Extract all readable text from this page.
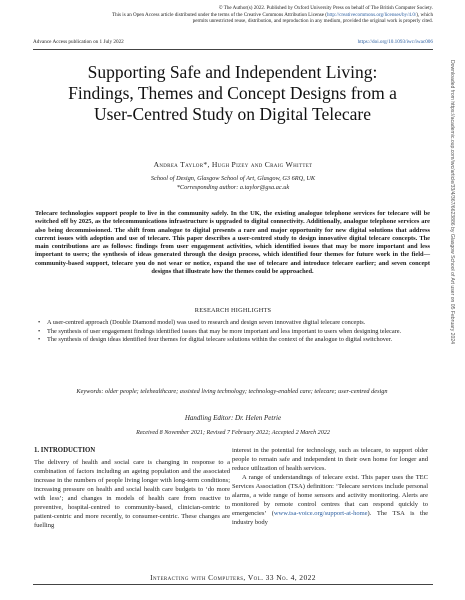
© The Author(s) 2022. Published by Oxford University Press on behalf of The British Computer Society.
This is an Open Access article distributed under the terms of the Creative Commons Attribution License (http://creativecommons.org/licenses/by/4.0/), which
permits unrestricted reuse, distribution, and reproduction in any medium, provided the original work is properly cited.
Advance Access publication on 1 July 2022	https://doi.org/10.1093/iwc/iwac006
Supporting Safe and Independent Living: Findings, Themes and Concept Designs from a User-Centred Study on Digital Telecare
Andrea Taylor*, Hugh Pizey and Craig Whittet
School of Design, Glasgow School of Art, Glasgow, G3 6RQ, UK
*Corresponding author: a.taylor@gsa.ac.uk
Telecare technologies support people to live in the community safely. In the UK, the existing analogue telephone services for telecare will be switched off by 2025, as the telecommunications infrastructure is upgraded to digital connectivity. Additionally, analogue telephone services are also being decommissioned. The shift from analogue to digital presents a rare and major opportunity for new digital solutions that address current issues with adoption and use of telecare. This paper describes a user-centred study to design innovative digital telecare concepts. The main contributions are as follows: findings from user engagement activities, which identified issues that may be more important and less important to users; the synthesis of ideas generated through the design process, which identified four themes for future work in the field—community-based support, telecare you do not wear or notice, expand the use of telecare and introduce telecare earlier; and seven concept designs that illustrate how the themes could be approached.
RESEARCH HIGHLIGHTS
• A user-centred approach (Double Diamond model) was used to research and design seven innovative digital telecare concepts.
• The synthesis of user engagement findings identified issues that may be more important and less important to users when designing telecare.
• The synthesis of design ideas identified four themes for digital telecare solutions within the context of the analogue to digital switchover.
Keywords: older people; telehealthcare; assisted living technology; technology-enabled care; telecare; user-centred design
Handling Editor: Dr. Helen Petrie
Received 8 November 2021; Revised 7 February 2022; Accepted 2 March 2022
1. INTRODUCTION

The delivery of health and social care is changing in response to a combination of factors including an ageing population and the associated increase in the numbers of people living longer with long-term conditions; increasing pressure on health and social health care budgets to ‘do more with less’; and changes in models of health care from reactive to preventive, hospital-centred to community-based, clinician-centric to patient-centric and more recently, to consumer-centric. These changes are fuelling

interest in the potential for technology, such as telecare, to support older people to remain safe and independent in their own home for longer and reduce utilization of health services.

A range of understandings of telecare exist. This paper uses the TEC Services Association (TSA) definition: ‘Telecare services include personal alarms, a wide range of home sensors and activity monitoring. Alerts are monitored by remote control centres that can respond quickly to emergencies’ (www.tsa-voice.org/support-at-home). The TSA is the industry body

Interacting with Computers, Vol. 33 No. 4, 2022
Downloaded from https://academic.oup.com/iwc/article/33/4/367/6623886 by Glasgow School of Art user on 05 February 2024
